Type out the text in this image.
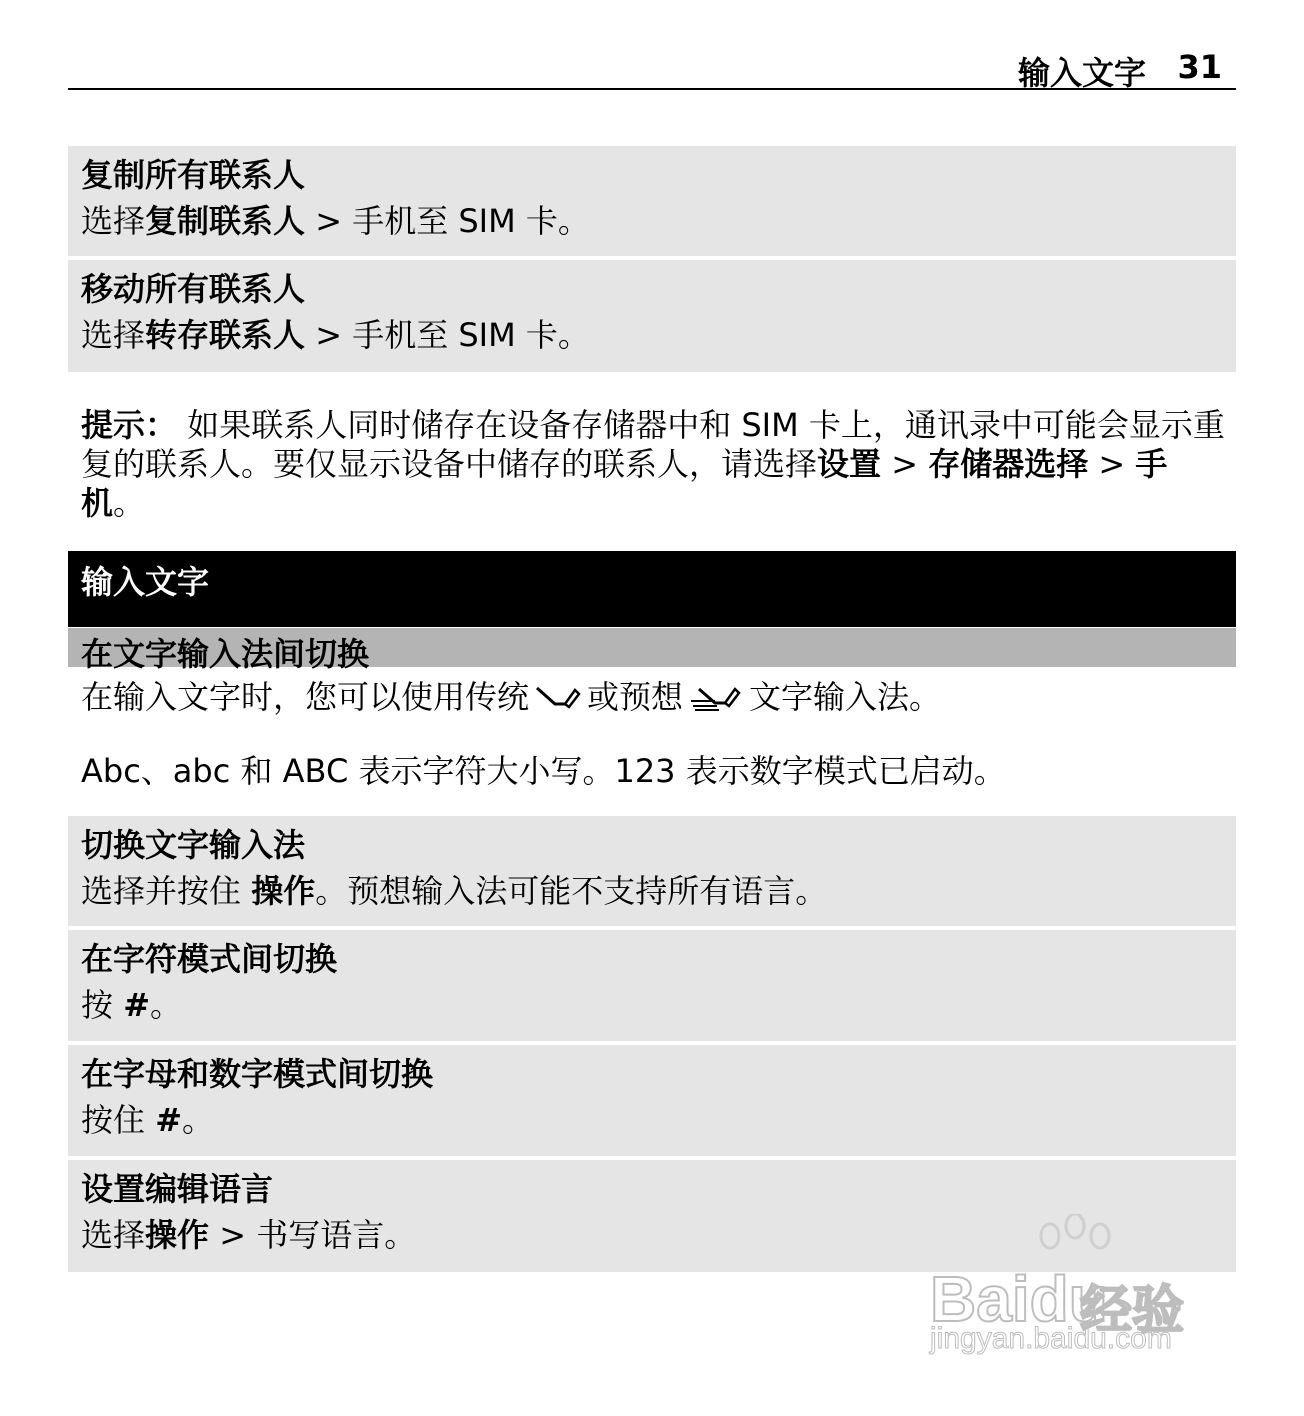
输入文字 31
复制所有联系人
选择复制联系人 > 手机至 SIM 卡。
移动所有联系人
选择转存联系人 > 手机至 SIM 卡。
提示： 如果联系人同时储存在设备存储器中和 SIM 卡上，通讯录中可能会显示重复的联系人。要仅显示设备中储存的联系人，请选择设置 > 存储器选择 > 手机。
输入文字
在文字输入法间切换
在输入文字时，您可以使用传统 或预想 文字输入法。
Abc、abc 和 ABC 表示字符大小写。123 表示数字模式已启动。
切换文字输入法
选择并按住 操作。预想输入法可能不支持所有语言。
在字符模式间切换
按 #。
在字母和数字模式间切换
按住 #。
设置编辑语言
选择操作 > 书写语言。
Baidu
经验
jingyan.baidu.com
